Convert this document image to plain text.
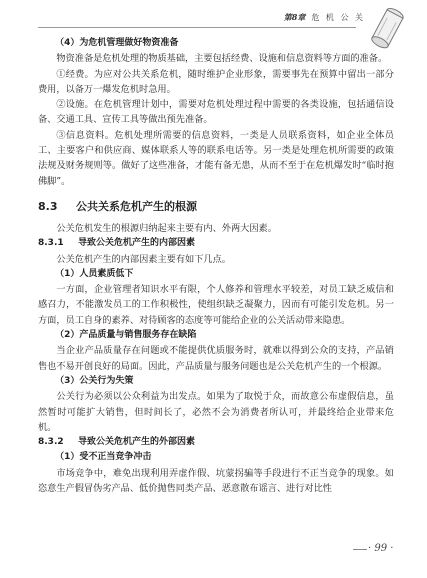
第8章 危 机 公 关
（4）为危机管理做好物资准备
物资准备是危机处理的物质基础，主要包括经费、设施和信息资料等方面的准备。
①经费。为应对公共关系危机，随时维护企业形象，需要事先在预算中留出一部分费用，以备万一爆发危机时急用。
②设施。在危机管理计划中，需要对危机处理过程中需要的各类设施，包括通信设备、交通工具、宣传工具等做出预先准备。
③信息资料。危机处理所需要的信息资料，一类是人员联系资料，如企业全体员工、主要客户和供应商、媒体联系人等的联系电话等。另一类是处理危机所需要的政策法规及财务规则等。做好了这些准备，才能有备无患，从而不至于在危机爆发时“临时抱佛脚”。
8.3 公共关系危机产生的根源
公关危机发生的根源归纳起来主要有内、外两大因素。
8.3.1 导致公关危机产生的内部因素
公关危机产生的内部因素主要有如下几点。
（1）人员素质低下
一方面，企业管理者知识水平有限，个人修养和管理水平较差，对员工缺乏威信和感召力，不能激发员工的工作积极性，使组织缺乏凝聚力，因而有可能引发危机。另一方面，员工自身的素养、对待顾客的态度等可能给企业的公关活动带来隐患。
（2）产品质量与销售服务存在缺陷
当企业产品质量存在问题或不能提供优质服务时，就难以得到公众的支持，产品销售也不易开创良好的局面。因此，产品质量与服务问题也是公关危机产生的一个根源。
（3）公关行为失策
公关行为必须以公众利益为出发点。如果为了取悦于众，而故意公布虚假信息，虽然暂时可能扩大销售，但时间长了，必然不会为消费者所认可，并最终给企业带来危机。
8.3.2 导致公关危机产生的外部因素
（1）受不正当竞争冲击
市场竞争中，难免出现利用弄虚作假、坑蒙拐骗等手段进行不正当竞争的现象。如恣意生产假冒伪劣产品、低价抛售同类产品、恶意散布谣言、进行对比性
· 99 ·
